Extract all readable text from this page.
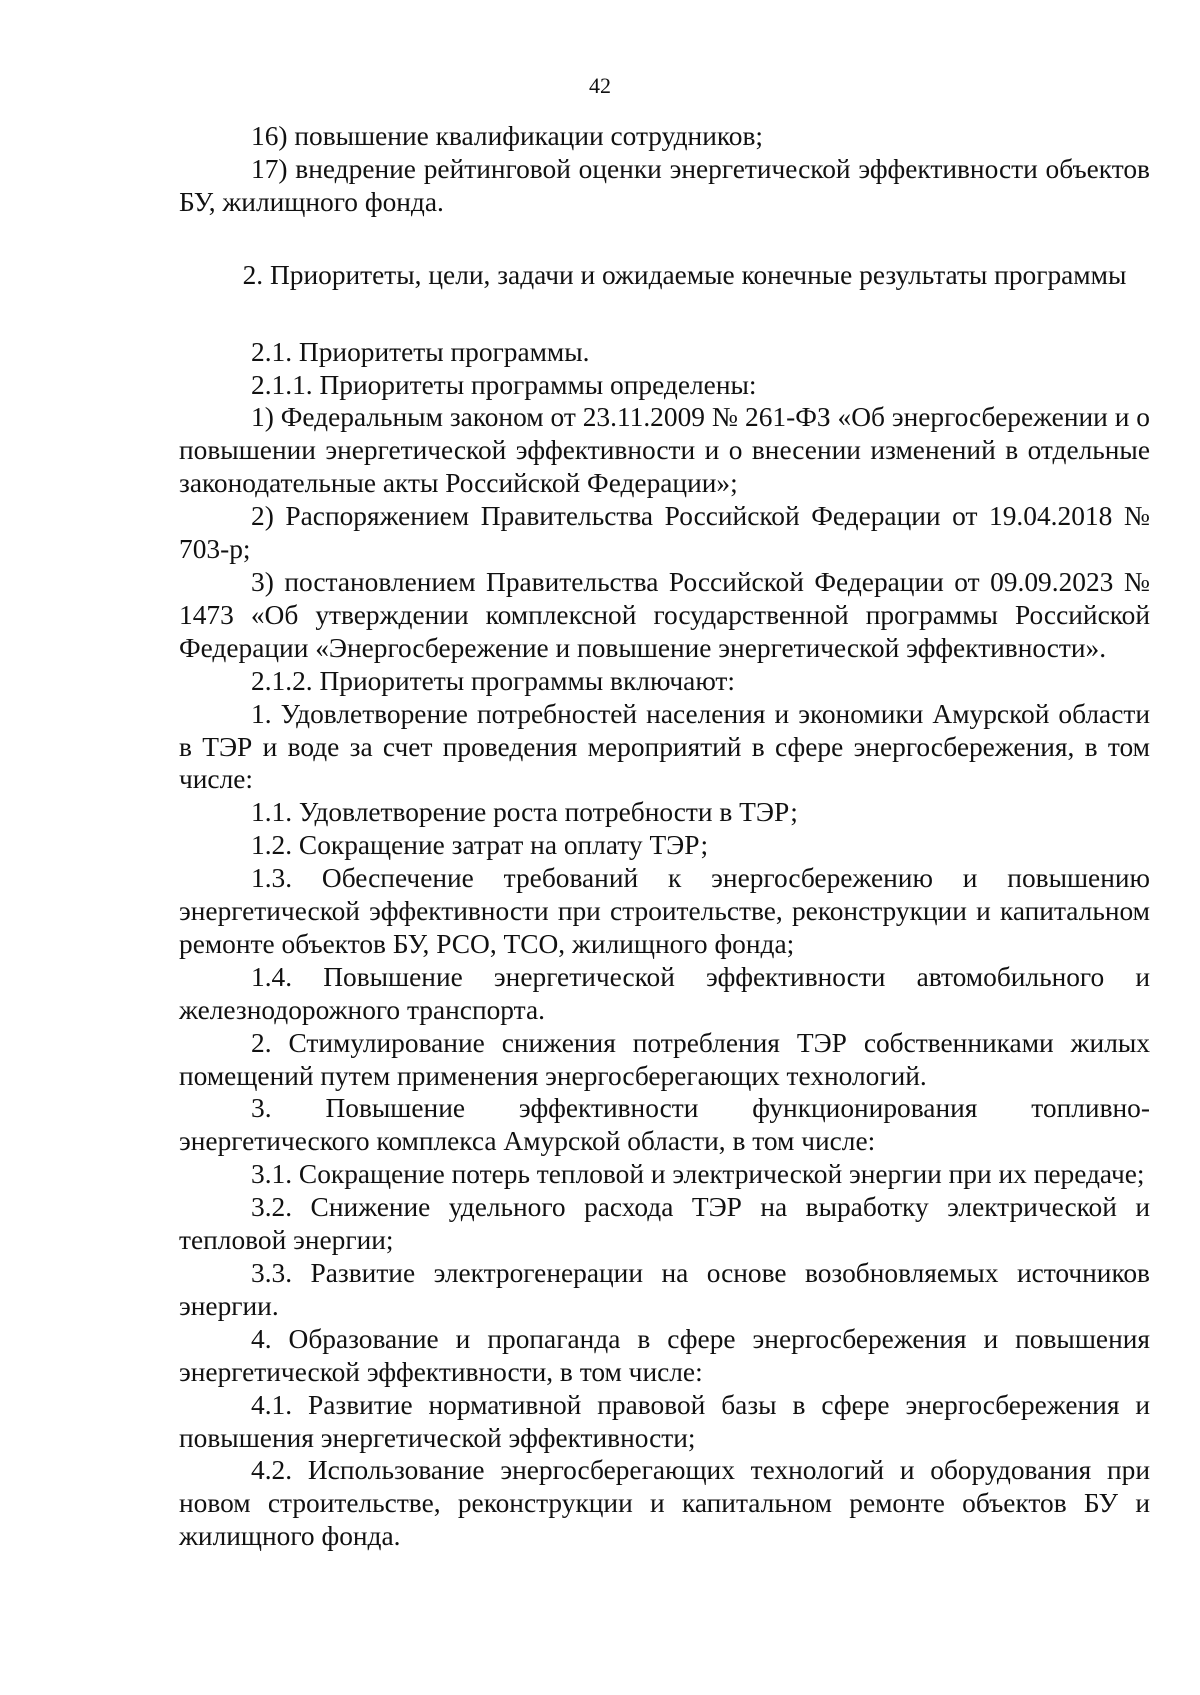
42

16) повышение квалификации сотрудников;

17) внедрение рейтинговой оценки энергетической эффективности объектов БУ, жилищного фонда.

2. Приоритеты, цели, задачи и ожидаемые конечные результаты программы

2.1. Приоритеты программы.

2.1.1. Приоритеты программы определены:

1) Федеральным законом от 23.11.2009 № 261-ФЗ «Об энергосбережении и о повышении энергетической эффективности и о внесении изменений в отдельные законодательные акты Российской Федерации»;

2) Распоряжением Правительства Российской Федерации от 19.04.2018 № 703-р;

3) постановлением Правительства Российской Федерации от 09.09.2023 № 1473 «Об утверждении комплексной государственной программы Российской Федерации «Энергосбережение и повышение энергетической эффективности».

2.1.2. Приоритеты программы включают:

1. Удовлетворение потребностей населения и экономики Амурской области в ТЭР и воде за счет проведения мероприятий в сфере энергосбережения, в том числе:

1.1. Удовлетворение роста потребности в ТЭР;

1.2. Сокращение затрат на оплату ТЭР;

1.3. Обеспечение требований к энергосбережению и повышению энергетической эффективности при строительстве, реконструкции и капитальном ремонте объектов БУ, РСО, ТСО, жилищного фонда;

1.4. Повышение энергетической эффективности автомобильного и железнодорожного транспорта.

2. Стимулирование снижения потребления ТЭР собственниками жилых помещений путем применения энергосберегающих технологий.

3. Повышение эффективности функционирования топливно-энергетического комплекса Амурской области, в том числе:

3.1. Сокращение потерь тепловой и электрической энергии при их передаче;

3.2. Снижение удельного расхода ТЭР на выработку электрической и тепловой энергии;

3.3. Развитие электрогенерации на основе возобновляемых источников энергии.

4. Образование и пропаганда в сфере энергосбережения и повышения энергетической эффективности, в том числе:

4.1. Развитие нормативной правовой базы в сфере энергосбережения и повышения энергетической эффективности;

4.2. Использование энергосберегающих технологий и оборудования при новом строительстве, реконструкции и капитальном ремонте объектов БУ и жилищного фонда.
